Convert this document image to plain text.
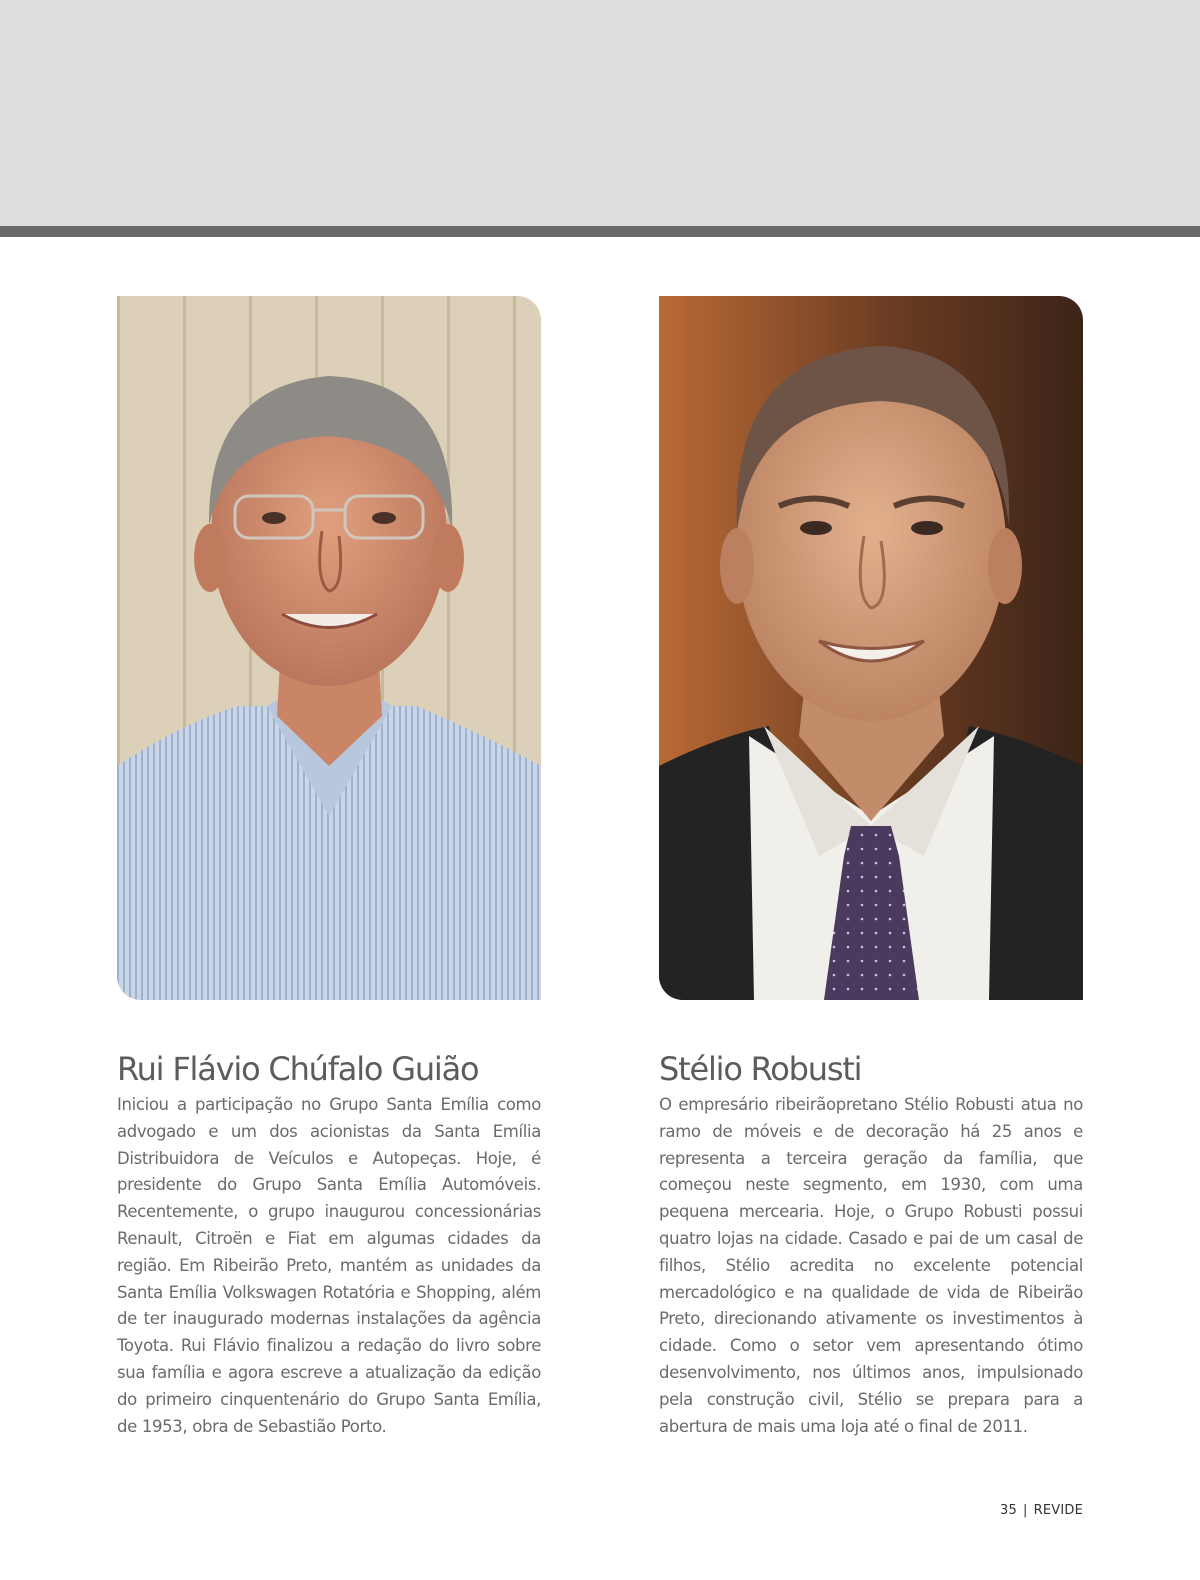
Rui Flávio Chúfalo Guião

Iniciou a participação no Grupo Santa Emília como advogado e um dos acionistas da Santa Emília Distribuidora de Veículos e Autopeças. Hoje, é presidente do Grupo Santa Emília Automóveis. Recentemente, o grupo inaugurou concessionárias Renault, Citroën e Fiat em algumas cidades da região. Em Ribeirão Preto, mantém as unidades da Santa Emília Volkswagen Rotatória e Shopping, além de ter inaugurado modernas instalações da agência Toyota. Rui Flávio finalizou a redação do livro sobre sua família e agora escreve a atualização da edição do primeiro cinquentenário do Grupo Santa Emília, de 1953, obra de Sebastião Porto.

Stélio Robusti

O empresário ribeirãopretano Stélio Robusti atua no ramo de móveis e de decoração há 25 anos e representa a terceira geração da família, que começou neste segmento, em 1930, com uma pequena mercearia. Hoje, o Grupo Robusti possui quatro lojas na cidade. Casado e pai de um casal de filhos, Stélio acredita no excelente potencial mercadológico e na qualidade de vida de Ribeirão Preto, direcionando ativamente os investimentos à cidade. Como o setor vem apresentando ótimo desenvolvimento, nos últimos anos, impulsionado pela construção civil, Stélio se prepara para a abertura de mais uma loja até o final de 2011.

35 | REVIDE
